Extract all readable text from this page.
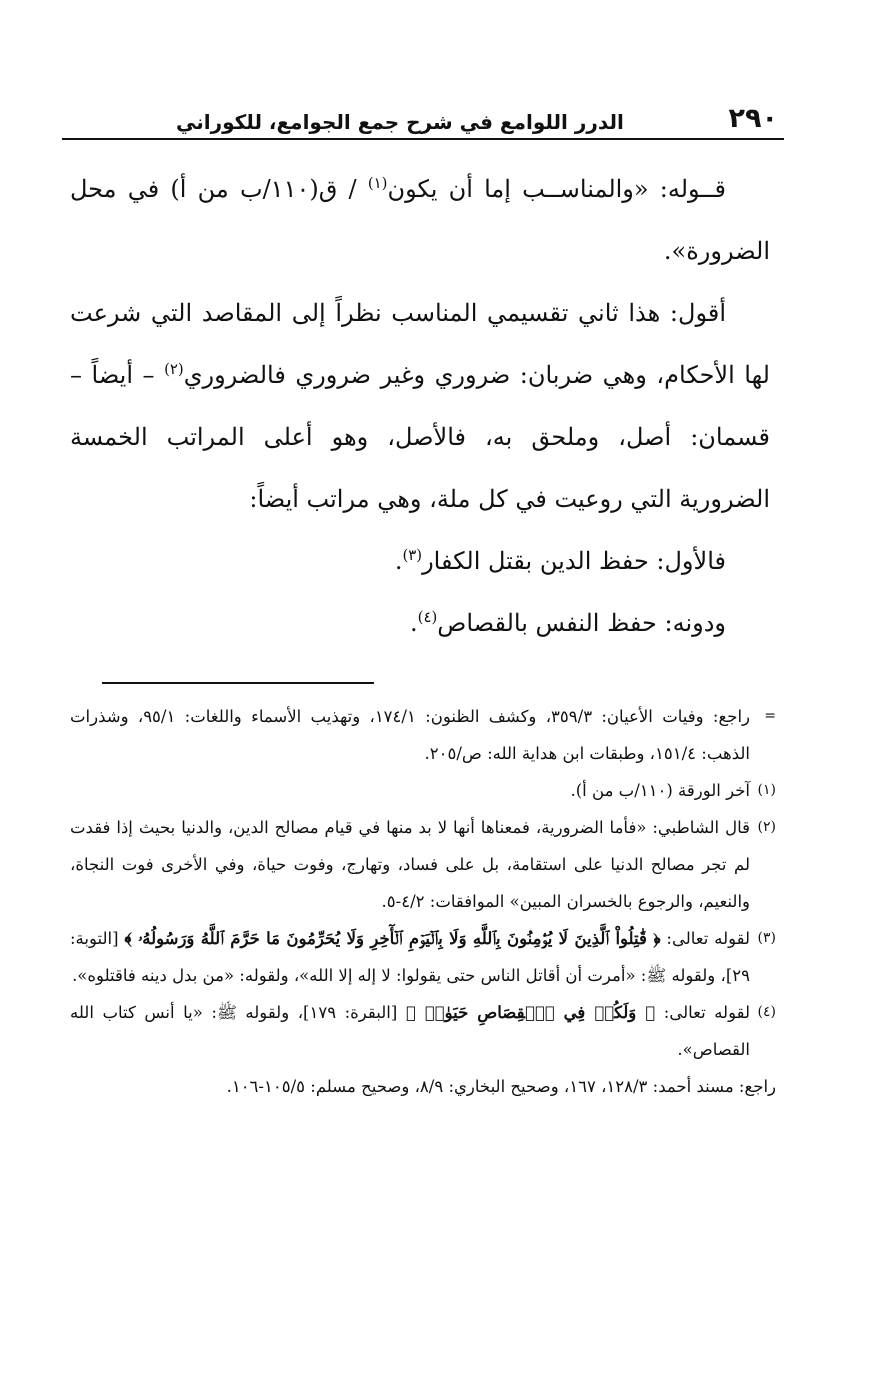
٢٩٠
الدرر اللوامع في شرح جمع الجوامع، للكوراني

قــوله: «والمناســب إما أن يكون$^{(١)}$ / ق(١١٠/ب من أ) في محل الضرورة».

أقول: هذا ثاني تقسيمي المناسب نظراً إلى المقاصد التي شرعت لها الأحكام، وهي ضربان: ضروري وغير ضروري فالضروري$^{(٢)}$ – أيضاً – قسمان: أصل، وملحق به، فالأصل، وهو أعلى المراتب الخمسة الضرورية التي روعيت في كل ملة، وهي مراتب أيضاً:

فالأول: حفظ الدين بقتل الكفار$^{(٣)}$.

ودونه: حفظ النفس بالقصاص$^{(٤)}$.

=
راجع: وفيات الأعيان: ٣٥٩/٣، وكشف الظنون: ١٧٤/١، وتهذيب الأسماء واللغات: ٩٥/١، وشذرات الذهب: ١٥١/٤، وطبقات ابن هداية الله: ص/٢٠٥.
(١)
آخر الورقة (١١٠/ب من أ).
(٢)
قال الشاطبي: «فأما الضرورية، فمعناها أنها لا بد منها في قيام مصالح الدين، والدنيا بحيث إذا فقدت لم تجر مصالح الدنيا على استقامة، بل على فساد، وتهارج، وفوت حياة، وفي الأخرى فوت النجاة، والنعيم، والرجوع بالخسران المبين» الموافقات: ٤/٢-٥.
(٣)
لقوله تعالى: ﴿ قَٰتِلُواْ ٱلَّذِينَ لَا يُؤۡمِنُونَ بِٱللَّهِ وَلَا بِٱلۡيَوۡمِ ٱلۡأٓخِرِ وَلَا يُحَرِّمُونَ مَا حَرَّمَ ٱللَّهُ وَرَسُولُهُۥ ﴾ [التوبة: ٢٩]، ولقوله ﷺ: «أمرت أن أقاتل الناس حتى يقولوا: لا إله إلا الله»، ولقوله: «من بدل دينه فاقتلوه».
(٤)
لقوله تعالى: ﴿ وَلَكُمۡ فِي ٱلۡقِصَاصِ حَيَوٰةٞ ﴾ [البقرة: ١٧٩]، ولقوله ﷺ: «يا أنس كتاب الله القصاص».

راجع: مسند أحمد: ١٢٨/٣، ١٦٧، وصحيح البخاري: ٨/٩، وصحيح مسلم: ١٠٥/٥-١٠٦.
